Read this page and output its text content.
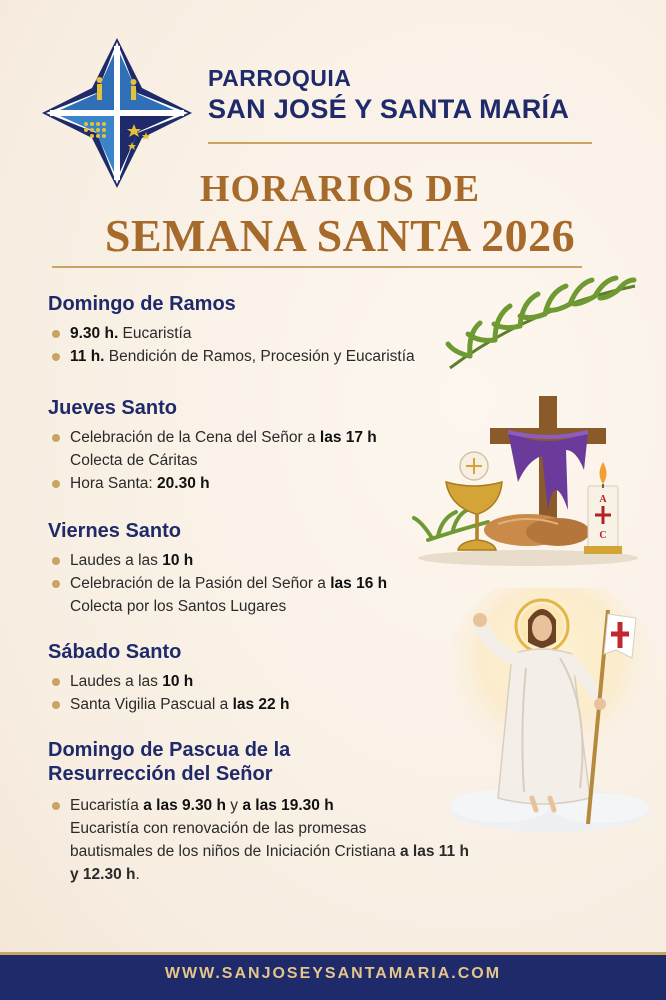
PARROQUIA
SAN JOSÉ Y SANTA MARÍA
HORARIOS DE
SEMANA SANTA 2026
A
C
Domingo de Ramos
9.30 h. Eucaristía
11 h. Bendición de Ramos, Procesión y Eucaristía
Jueves Santo
Celebración de la Cena del Señor a las 17 h
Colecta de Cáritas
Hora Santa: 20.30 h
Viernes Santo
Laudes a las 10 h
Celebración de la Pasión del Señor a las 16 h
Colecta por los Santos Lugares
Sábado Santo
Laudes a las 10 h
Santa Vigilia Pascual a las 22 h
Domingo de Pascua de la
Resurrección del Señor
Eucaristía a las 9.30 h y a las 19.30 h
Eucaristía con renovación de las promesas
bautismales de los niños de Iniciación Cristiana a las 11 h
y 12.30 h.
WWW.SANJOSEYSANTAMARIA.COM
